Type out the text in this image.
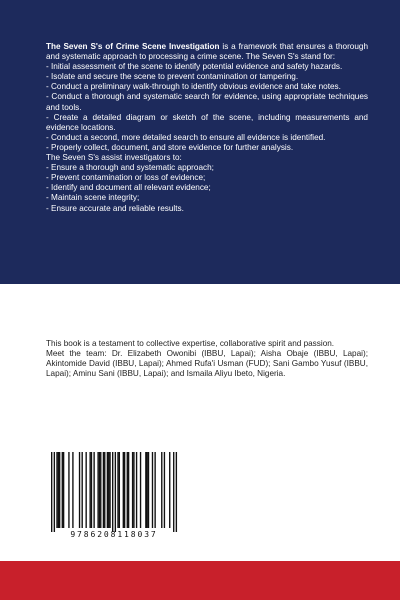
The Seven S's of Crime Scene Investigation is a framework that ensures a thorough and systematic approach to processing a crime scene. The Seven S's stand for:

- Initial assessment of the scene to identify potential evidence and safety hazards.

- Isolate and secure the scene to prevent contamination or tampering.

- Conduct a preliminary walk-through to identify obvious evidence and take notes.

- Conduct a thorough and systematic search for evidence, using appropriate techniques and tools.

- Create a detailed diagram or sketch of the scene, including measurements and evidence locations.

- Conduct a second, more detailed search to ensure all evidence is identified.

- Properly collect, document, and store evidence for further analysis.

The Seven S's assist investigators to:

- Ensure a thorough and systematic approach;

- Prevent contamination or loss of evidence;

- Identify and document all relevant evidence;

- Maintain scene integrity;

- Ensure accurate and reliable results.

This book is a testament to collective expertise, collaborative spirit and passion.

Meet the team: Dr. Elizabeth Owonibi (IBBU, Lapai); Aisha Obaje (IBBU, Lapai); Akintomide David (IBBU, Lapai); Ahmed Rufa'i Usman (FUD); Sani Gambo Yusuf (IBBU, Lapai); Aminu Sani (IBBU, Lapai); and Ismaila Aliyu Ibeto, Nigeria.

9786208118037
